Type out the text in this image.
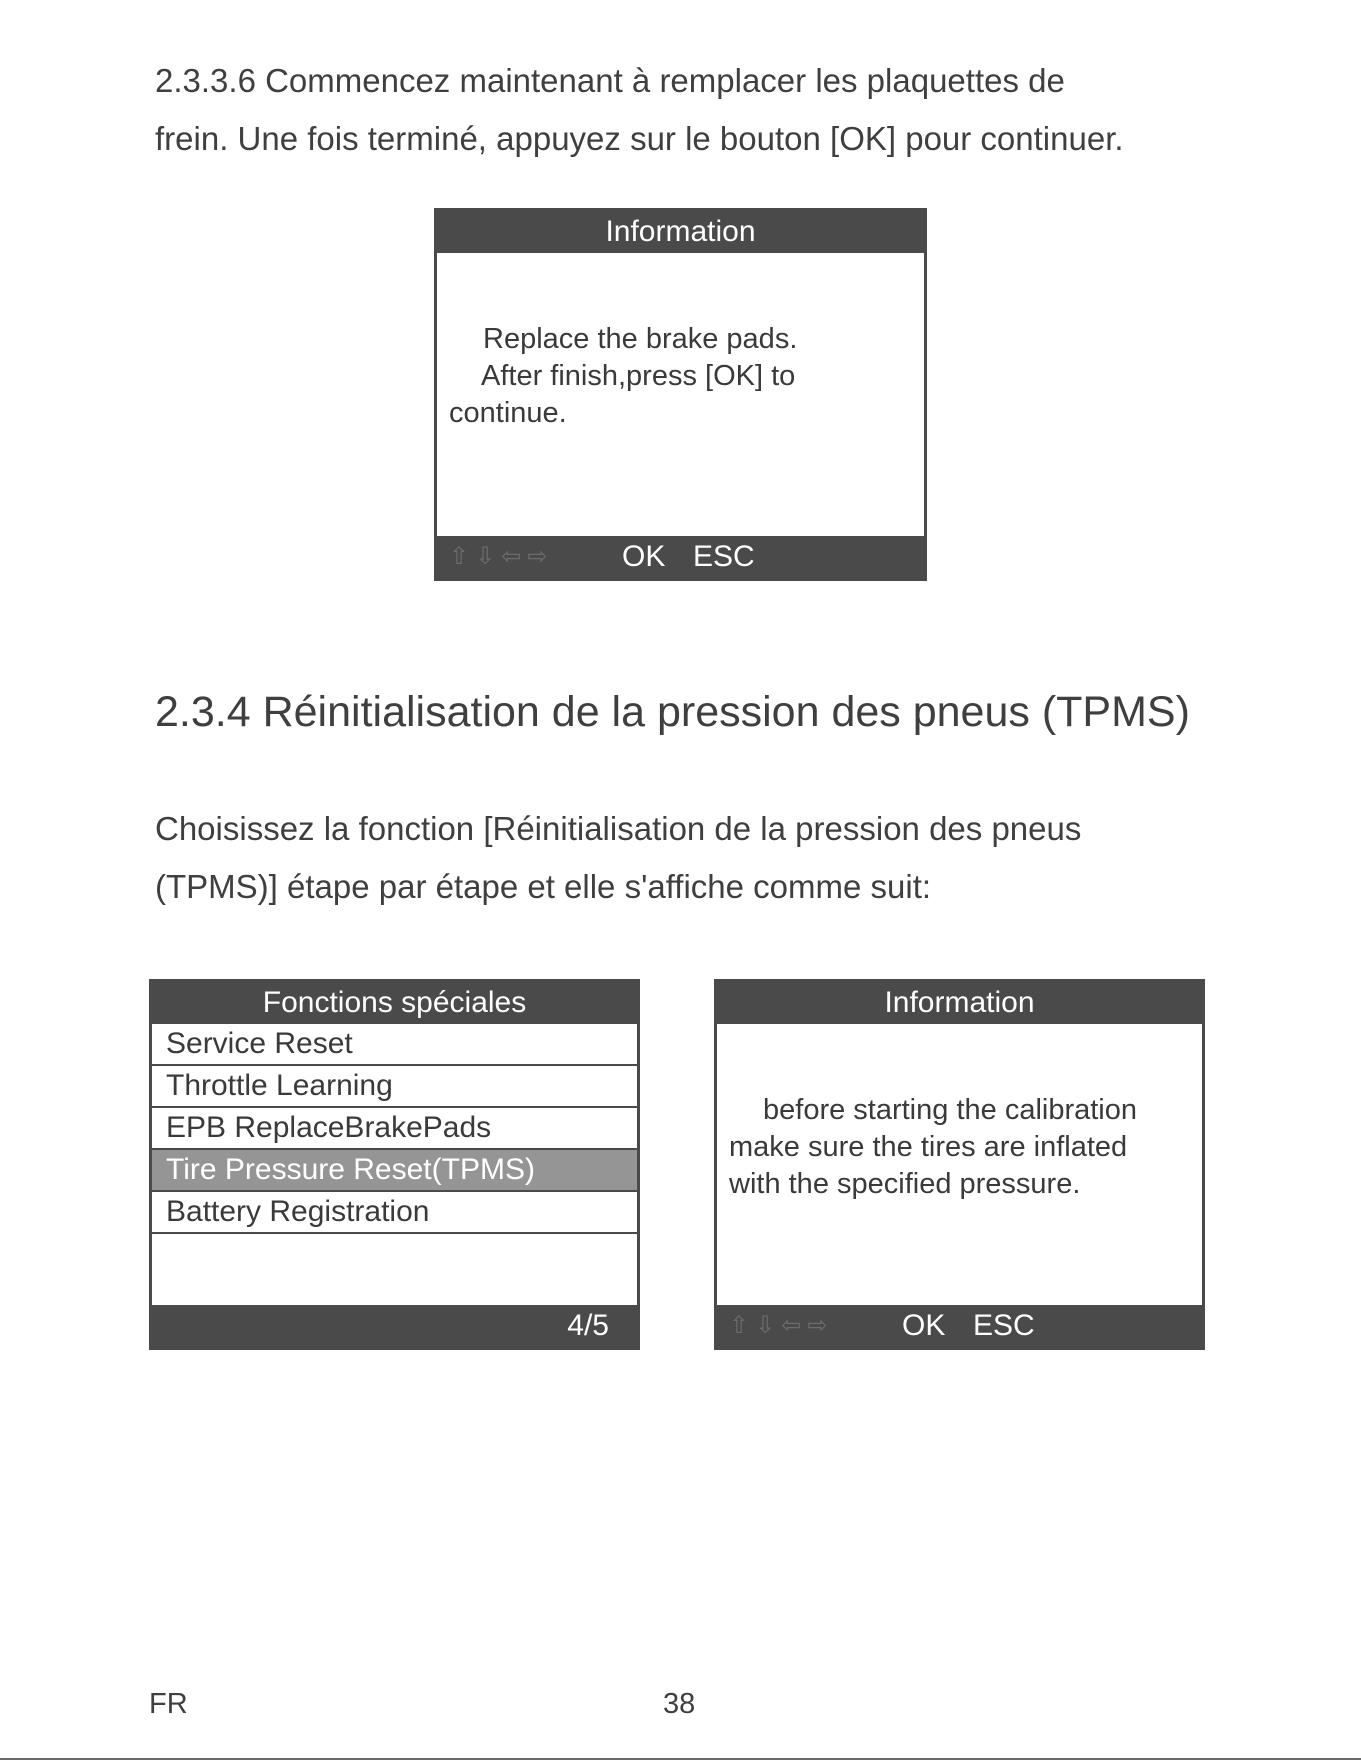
2.3.3.6 Commencez maintenant à remplacer les plaquettes de
frein. Une fois terminé, appuyez sur le bouton [OK] pour continuer.

Information

Replace the brake pads.
After finish,press [OK] to
continue.

⇧⇩⇦⇨ OK ESC
2.3.4 Réinitialisation de la pression des pneus (TPMS)

Choisissez la fonction [Réinitialisation de la pression des pneus
(TPMS)] étape par étape et elle s'affiche comme suit:

Fonctions spéciales
Service Reset
Throttle Learning
EPB ReplaceBrakePads
Tire Pressure Reset(TPMS)
Battery Registration
4/5
Information

before starting the calibration
make sure the tires are inflated
with the specified pressure.

⇧⇩⇦⇨ OK ESC
FR	38
